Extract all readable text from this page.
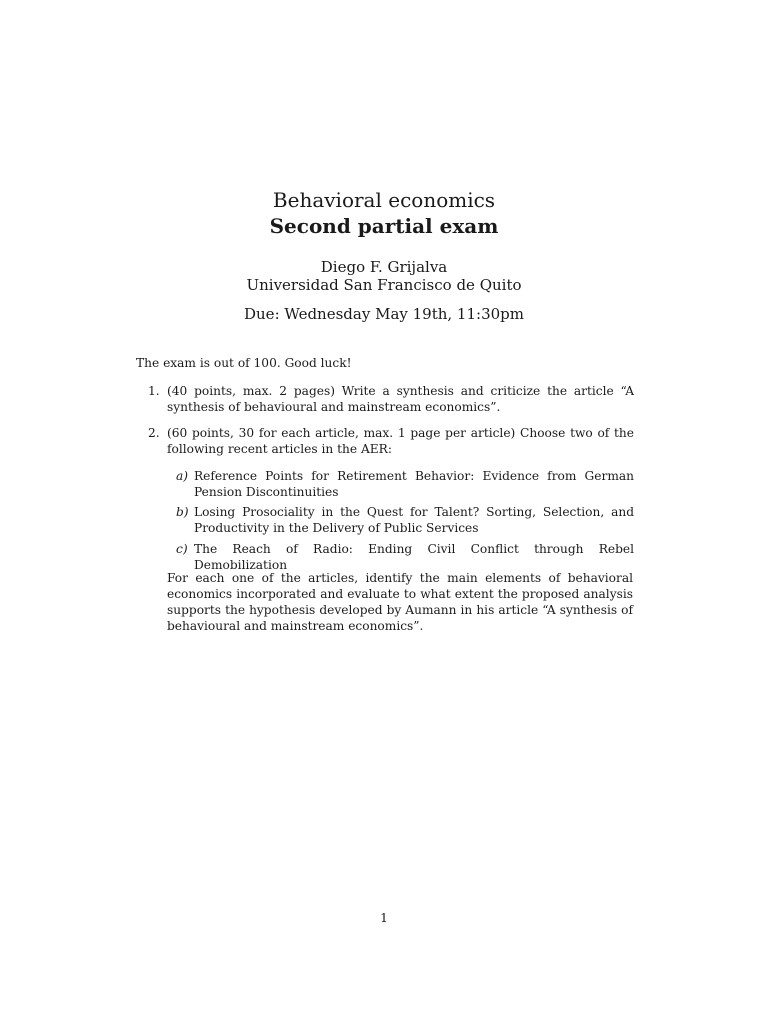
Behavioral economics
Second partial exam
Diego F. Grijalva
Universidad San Francisco de Quito
Due: Wednesday May 19th, 11:30pm
The exam is out of 100. Good luck!
1. (40 points, max. 2 pages) Write a synthesis and criticize the article “A synthesis of behavioural and mainstream economics”.
2. (60 points, 30 for each article, max. 1 page per article) Choose two of the following recent articles in the AER:
a) Reference Points for Retirement Behavior: Evidence from German Pension Discontinuities
b) Losing Prosociality in the Quest for Talent? Sorting, Selection, and Productivity in the Delivery of Public Services
c) The Reach of Radio: Ending Civil Conflict through Rebel Demobilization
For each one of the articles, identify the main elements of behavioral economics incorporated and evaluate to what extent the proposed analysis supports the hypothesis developed by Aumann in his article “A synthesis of behavioural and mainstream economics”.
1
